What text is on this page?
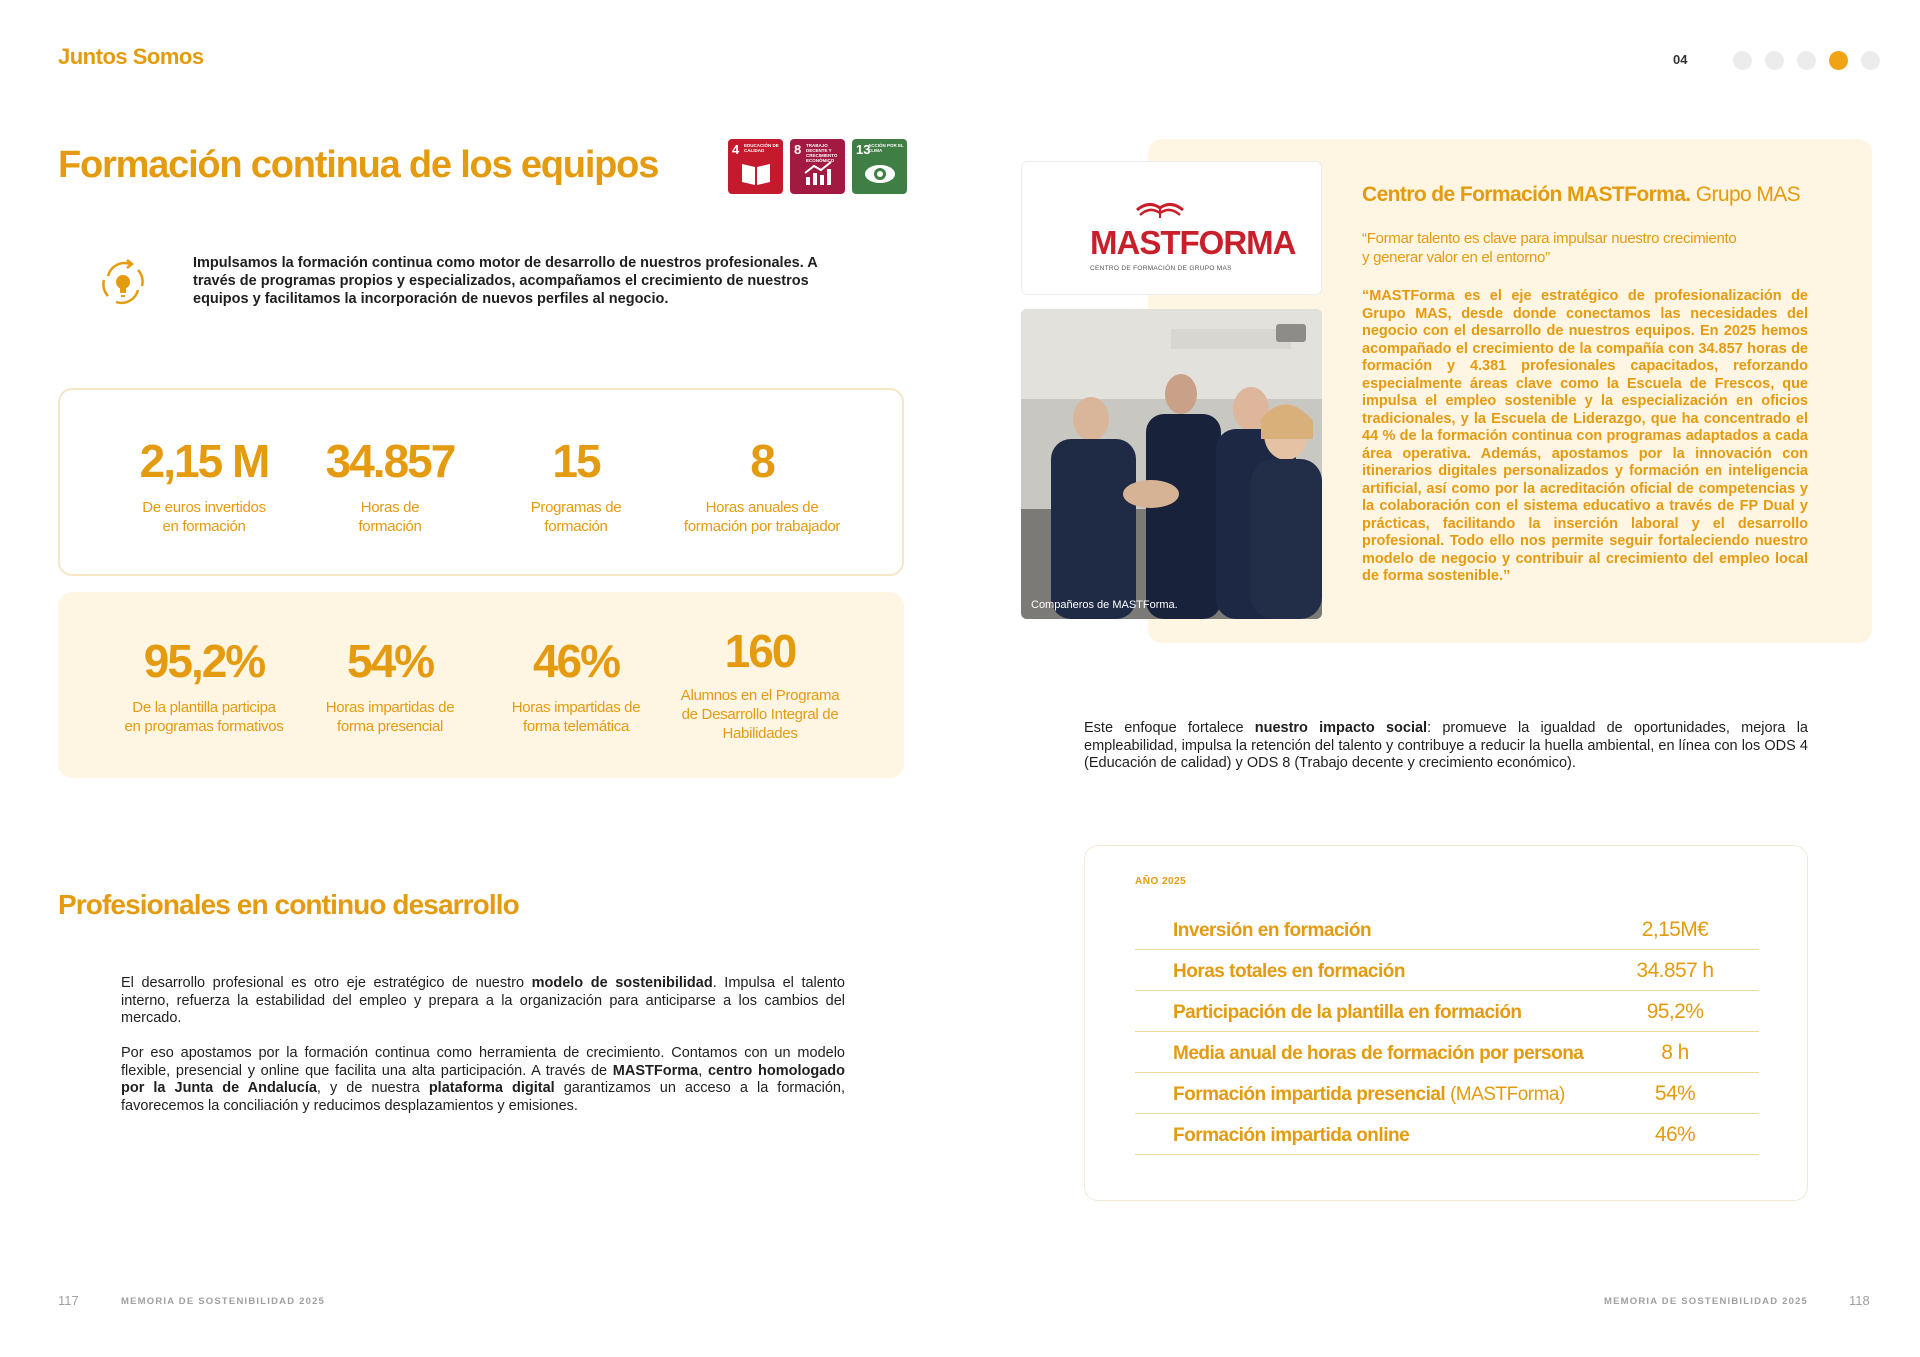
Juntos Somos	04
Formación continua de los equipos	4 EDUCACIÓN DE CALIDAD	8 TRABAJO DECENTE Y CRECIMIENTO ECONÓMICO
13
ACCIÓN POR EL CLIMA
Impulsamos la formación continua como motor de desarrollo de nuestros profesionales. A través de programas propios y especializados, acompañamos el crecimiento de nuestros equipos y facilitamos la incorporación de nuevos perfiles al negocio.
2,15 M
De euros invertidos
en formación
34.857
Horas de
formación
15
Programas de
formación
8
Horas anuales de
formación por trabajador
95,2%
De la plantilla participa
en programas formativos
54%
Horas impartidas de
forma presencial
46%
Horas impartidas de
forma telemática
160
Alumnos en el Programa
de Desarrollo Integral de
Habilidades
Profesionales en continuo desarrollo
El desarrollo profesional es otro eje estratégico de nuestro modelo de sostenibilidad. Impulsa el talento interno, refuerza la estabilidad del empleo y prepara a la organización para anticiparse a los cambios del mercado.
Por eso apostamos por la formación continua como herramienta de crecimiento. Contamos con un modelo flexible, presencial y online que facilita una alta participación. A través de MASTForma, centro homologado por la Junta de Andalucía, y de nuestra plataforma digital garantizamos un acceso a la formación, favorecemos la conciliación y reducimos desplazamientos y emisiones.
MASTFORMA
CENTRO DE FORMACIÓN DE GRUPO MAS
Compañeros de MASTForma.
Centro de Formación MASTForma. Grupo MAS
“Formar talento es clave para impulsar nuestro crecimiento y generar valor en el entorno”
“MASTForma es el eje estratégico de profesionalización de Grupo MAS, desde donde conectamos las necesidades del negocio con el desarrollo de nuestros equipos. En 2025 hemos acompañado el crecimiento de la compañía con 34.857 horas de formación y 4.381 profesionales capacitados, reforzando especialmente áreas clave como la Escuela de Frescos, que impulsa el empleo sostenible y la especialización en oficios tradicionales, y la Escuela de Liderazgo, que ha concentrado el 44 % de la formación continua con programas adaptados a cada área operativa. Además, apostamos por la innovación con itinerarios digitales personalizados y formación en inteligencia artificial, así como por la acreditación oficial de competencias y la colaboración con el sistema educativo a través de FP Dual y prácticas, facilitando la inserción laboral y el desarrollo profesional. Todo ello nos permite seguir fortaleciendo nuestro modelo de negocio y contribuir al crecimiento del empleo local de forma sostenible.”
Este enfoque fortalece nuestro impacto social: promueve la igualdad de oportunidades, mejora la empleabilidad, impulsa la retención del talento y contribuye a reducir la huella ambiental, en línea con los ODS 4 (Educación de calidad) y ODS 8 (Trabajo decente y crecimiento económico).
AÑO 2025
Inversión en formación	2,15M€
Horas totales en formación	34.857 h
Participación de la plantilla en formación	95,2%
Media anual de horas de formación por persona	8 h
Formación impartida presencial (MASTForma)	54%
Formación impartida online	46%
117	MEMORIA DE SOSTENIBILIDAD 2025	MEMORIA DE SOSTENIBILIDAD 2025	118
